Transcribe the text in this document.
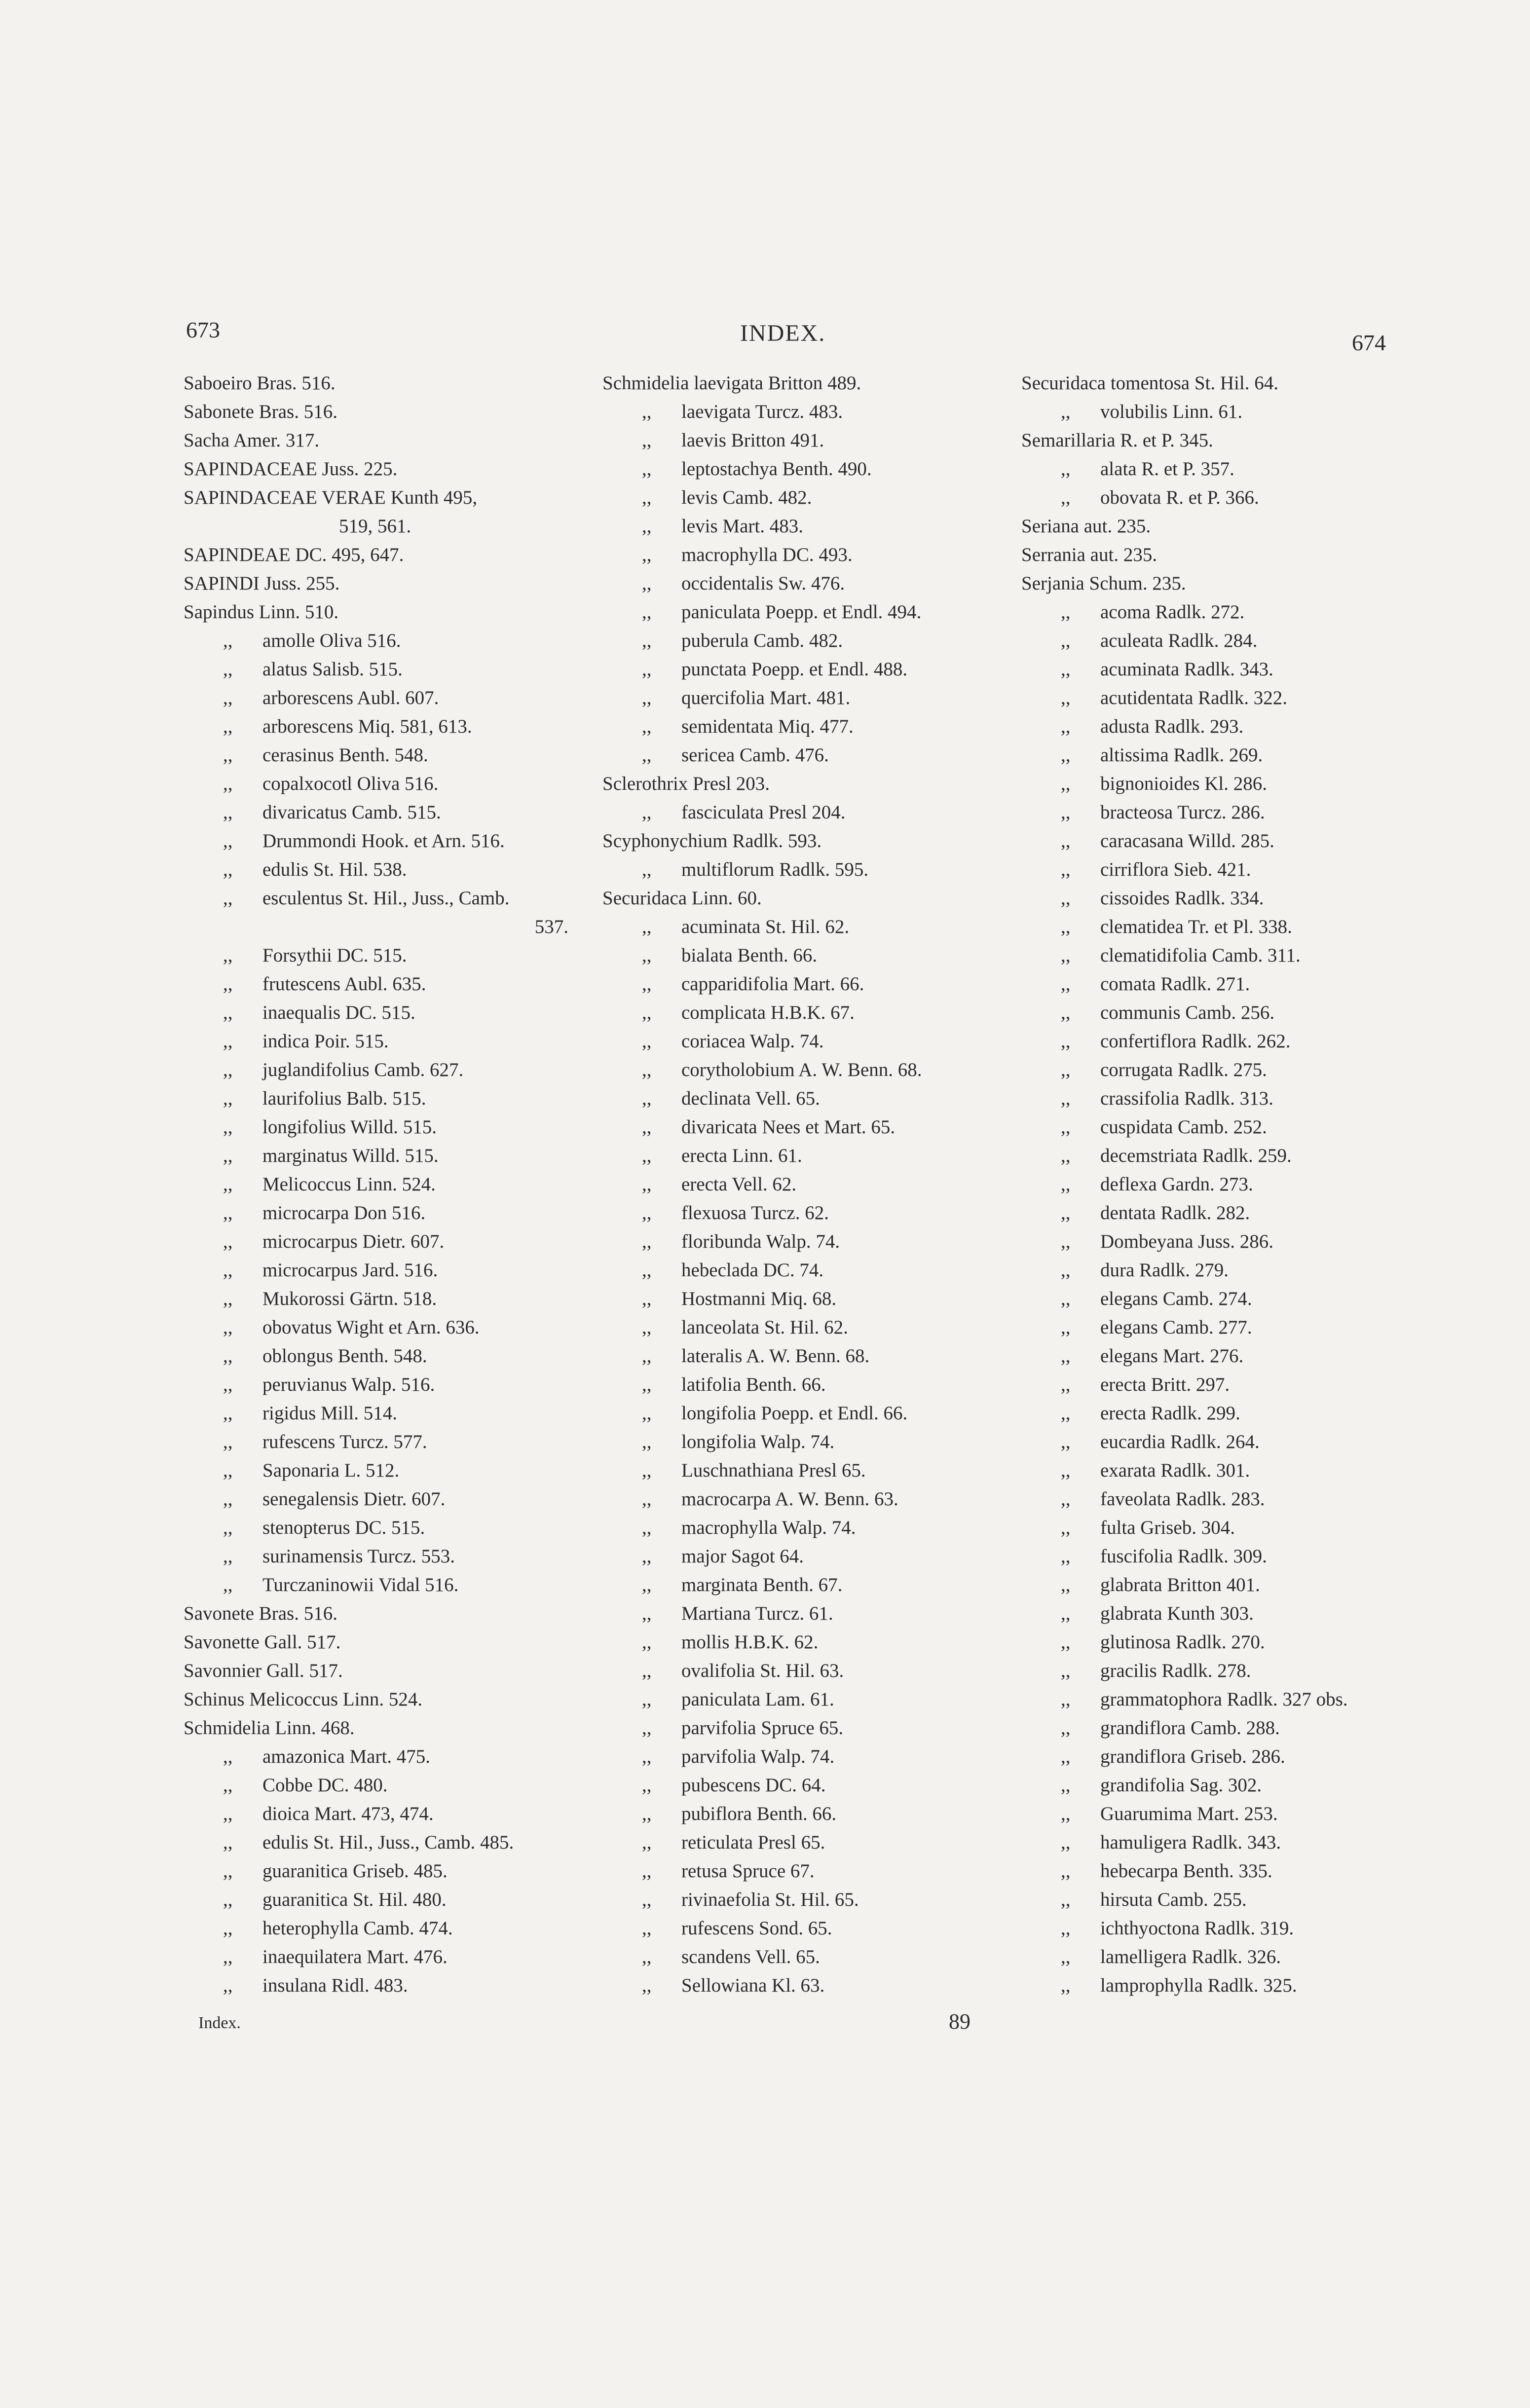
673	INDEX.	674
Saboeiro Bras. 516.
Sabonete Bras. 516.
Sacha Amer. 317.
SAPINDACEAE Juss. 225.
SAPINDACEAE VERAE Kunth 495,
519, 561.
SAPINDEAE DC. 495, 647.
SAPINDI Juss. 255.
Sapindus Linn. 510.
,, amolle Oliva 516.
,, alatus Salisb. 515.
,, arborescens Aubl. 607.
,, arborescens Miq. 581, 613.
,, cerasinus Benth. 548.
,, copalxocotl Oliva 516.
,, divaricatus Camb. 515.
,, Drummondi Hook. et Arn. 516.
,, edulis St. Hil. 538.
,, esculentus St. Hil., Juss., Camb.
537.
,, Forsythii DC. 515.
,, frutescens Aubl. 635.
,, inaequalis DC. 515.
,, indica Poir. 515.
,, juglandifolius Camb. 627.
,, laurifolius Balb. 515.
,, longifolius Willd. 515.
,, marginatus Willd. 515.
,, Melicoccus Linn. 524.
,, microcarpa Don 516.
,, microcarpus Dietr. 607.
,, microcarpus Jard. 516.
,, Mukorossi Gärtn. 518.
,, obovatus Wight et Arn. 636.
,, oblongus Benth. 548.
,, peruvianus Walp. 516.
,, rigidus Mill. 514.
,, rufescens Turcz. 577.
,, Saponaria L. 512.
,, senegalensis Dietr. 607.
,, stenopterus DC. 515.
,, surinamensis Turcz. 553.
,, Turczaninowii Vidal 516.
Savonete Bras. 516.
Savonette Gall. 517.
Savonnier Gall. 517.
Schinus Melicoccus Linn. 524.
Schmidelia Linn. 468.
,, amazonica Mart. 475.
,, Cobbe DC. 480.
,, dioica Mart. 473, 474.
,, edulis St. Hil., Juss., Camb. 485.
,, guaranitica Griseb. 485.
,, guaranitica St. Hil. 480.
,, heterophylla Camb. 474.
,, inaequilatera Mart. 476.
,, insulana Ridl. 483.
Schmidelia laevigata Britton 489.
,, laevigata Turcz. 483.
,, laevis Britton 491.
,, leptostachya Benth. 490.
,, levis Camb. 482.
,, levis Mart. 483.
,, macrophylla DC. 493.
,, occidentalis Sw. 476.
,, paniculata Poepp. et Endl. 494.
,, puberula Camb. 482.
,, punctata Poepp. et Endl. 488.
,, quercifolia Mart. 481.
,, semidentata Miq. 477.
,, sericea Camb. 476.
Sclerothrix Presl 203.
,, fasciculata Presl 204.
Scyphonychium Radlk. 593.
,, multiflorum Radlk. 595.
Securidaca Linn. 60.
,, acuminata St. Hil. 62.
,, bialata Benth. 66.
,, capparidifolia Mart. 66.
,, complicata H.B.K. 67.
,, coriacea Walp. 74.
,, corytholobium A. W. Benn. 68.
,, declinata Vell. 65.
,, divaricata Nees et Mart. 65.
,, erecta Linn. 61.
,, erecta Vell. 62.
,, flexuosa Turcz. 62.
,, floribunda Walp. 74.
,, hebeclada DC. 74.
,, Hostmanni Miq. 68.
,, lanceolata St. Hil. 62.
,, lateralis A. W. Benn. 68.
,, latifolia Benth. 66.
,, longifolia Poepp. et Endl. 66.
,, longifolia Walp. 74.
,, Luschnathiana Presl 65.
,, macrocarpa A. W. Benn. 63.
,, macrophylla Walp. 74.
,, major Sagot 64.
,, marginata Benth. 67.
,, Martiana Turcz. 61.
,, mollis H.B.K. 62.
,, ovalifolia St. Hil. 63.
,, paniculata Lam. 61.
,, parvifolia Spruce 65.
,, parvifolia Walp. 74.
,, pubescens DC. 64.
,, pubiflora Benth. 66.
,, reticulata Presl 65.
,, retusa Spruce 67.
,, rivinaefolia St. Hil. 65.
,, rufescens Sond. 65.
,, scandens Vell. 65.
,, Sellowiana Kl. 63.
Securidaca tomentosa St. Hil. 64.
,, volubilis Linn. 61.
Semarillaria R. et P. 345.
,, alata R. et P. 357.
,, obovata R. et P. 366.
Seriana aut. 235.
Serrania aut. 235.
Serjania Schum. 235.
,, acoma Radlk. 272.
,, aculeata Radlk. 284.
,, acuminata Radlk. 343.
,, acutidentata Radlk. 322.
,, adusta Radlk. 293.
,, altissima Radlk. 269.
,, bignonioides Kl. 286.
,, bracteosa Turcz. 286.
,, caracasana Willd. 285.
,, cirriflora Sieb. 421.
,, cissoides Radlk. 334.
,, clematidea Tr. et Pl. 338.
,, clematidifolia Camb. 311.
,, comata Radlk. 271.
,, communis Camb. 256.
,, confertiflora Radlk. 262.
,, corrugata Radlk. 275.
,, crassifolia Radlk. 313.
,, cuspidata Camb. 252.
,, decemstriata Radlk. 259.
,, deflexa Gardn. 273.
,, dentata Radlk. 282.
,, Dombeyana Juss. 286.
,, dura Radlk. 279.
,, elegans Camb. 274.
,, elegans Camb. 277.
,, elegans Mart. 276.
,, erecta Britt. 297.
,, erecta Radlk. 299.
,, eucardia Radlk. 264.
,, exarata Radlk. 301.
,, faveolata Radlk. 283.
,, fulta Griseb. 304.
,, fuscifolia Radlk. 309.
,, glabrata Britton 401.
,, glabrata Kunth 303.
,, glutinosa Radlk. 270.
,, gracilis Radlk. 278.
,, grammatophora Radlk. 327 obs.
,, grandiflora Camb. 288.
,, grandiflora Griseb. 286.
,, grandifolia Sag. 302.
,, Guarumima Mart. 253.
,, hamuligera Radlk. 343.
,, hebecarpa Benth. 335.
,, hirsuta Camb. 255.
,, ichthyoctona Radlk. 319.
,, lamelligera Radlk. 326.
,, lamprophylla Radlk. 325.
Index.	89
